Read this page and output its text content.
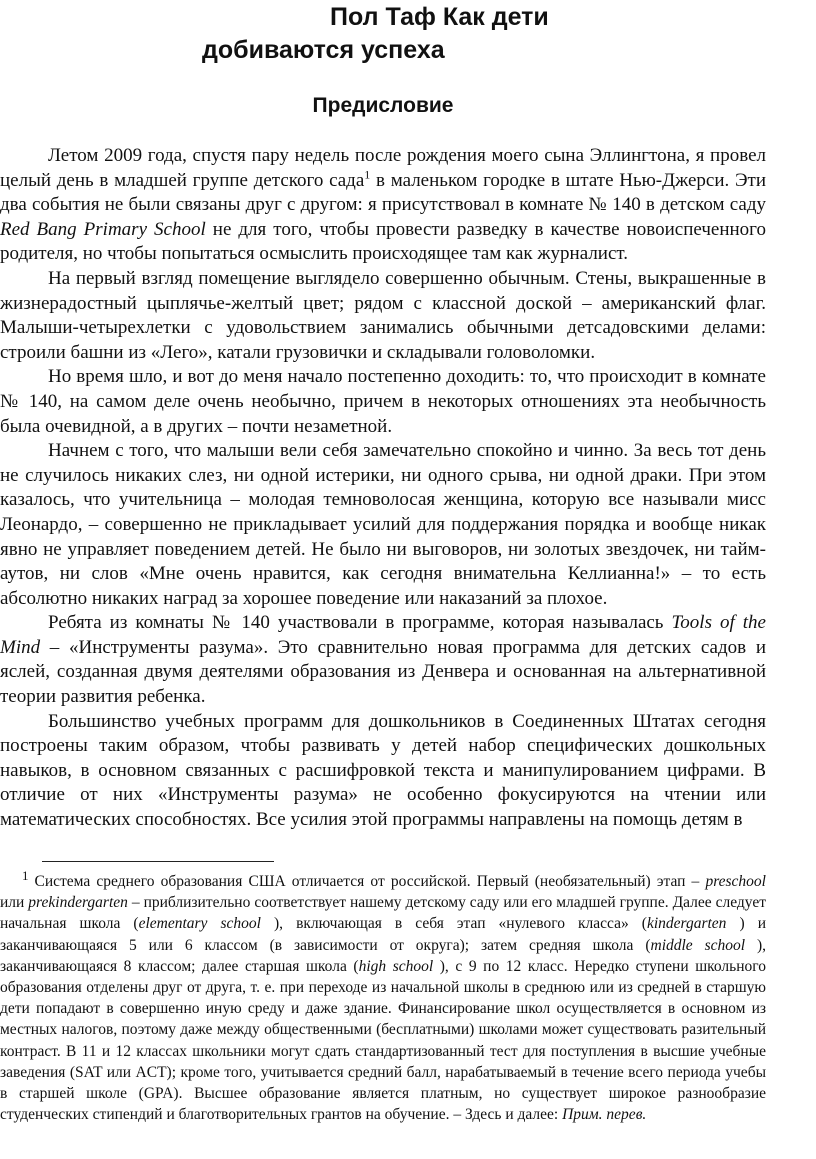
Пол Таф Как дети
добиваются успеха
Предисловие

Летом 2009 года, спустя пару недель после рождения моего сына Эллингтона, я провел целый день в младшей группе детского сада$^1$ в маленьком городке в штате Нью-Джерси. Эти два события не были связаны друг с другом: я присутствовал в комнате № 140 в детском саду Red Bang Primary School не для того, чтобы провести разведку в качестве новоиспеченного родителя, но чтобы попытаться осмыслить происходящее там как журналист.

На первый взгляд помещение выглядело совершенно обычным. Стены, выкрашенные в жизнерадостный цыплячье-желтый цвет; рядом с классной доской – американский флаг. Малыши-четырехлетки с удовольствием занимались обычными детсадовскими делами: строили башни из «Лего», катали грузовички и складывали головоломки.

Но время шло, и вот до меня начало постепенно доходить: то, что происходит в комнате № 140, на самом деле очень необычно, причем в некоторых отношениях эта необычность была очевидной, а в других – почти незаметной.

Начнем с того, что малыши вели себя замечательно спокойно и чинно. За весь тот день не случилось никаких слез, ни одной истерики, ни одного срыва, ни одной драки. При этом казалось, что учительница – молодая темноволосая женщина, которую все называли мисс Леонардо, – совершенно не прикладывает усилий для поддержания порядка и вообще никак явно не управляет поведением детей. Не было ни выговоров, ни золотых звездочек, ни тайм-аутов, ни слов «Мне очень нравится, как сегодня внимательна Келлианна!» – то есть абсолютно никаких наград за хорошее поведение или наказаний за плохое.

Ребята из комнаты № 140 участвовали в программе, которая называлась Tools of the Mind – «Инструменты разума». Это сравнительно новая программа для детских садов и яслей, созданная двумя деятелями образования из Денвера и основанная на альтернативной теории развития ребенка.

Большинство учебных программ для дошкольников в Соединенных Штатах сегодня построены таким образом, чтобы развивать у детей набор специфических дошкольных навыков, в основном связанных с расшифровкой текста и манипулированием цифрами. В отличие от них «Инструменты разума» не особенно фокусируются на чтении или математических способностях. Все усилия этой программы направлены на помощь детям в

$^1$ Система среднего образования США отличается от российской. Первый (необязательный) этап – preschool или prekindergarten – приблизительно соответствует нашему детскому саду или его младшей группе. Далее следует начальная школа (elementary school ), включающая в себя этап «нулевого класса» (kindergarten ) и заканчивающаяся 5 или 6 классом (в зависимости от округа); затем средняя школа (middle school ), заканчивающаяся 8 классом; далее старшая школа (high school ), с 9 по 12 класс. Нередко ступени школьного образования отделены друг от друга, т. е. при переходе из начальной школы в среднюю или из средней в старшую дети попадают в совершенно иную среду и даже здание. Финансирование школ осуществляется в основном из местных налогов, поэтому даже между общественными (бесплатными) школами может существовать разительный контраст. В 11 и 12 классах школьники могут сдать стандартизованный тест для поступления в высшие учебные заведения (SAT или ACT); кроме того, учитывается средний балл, нарабатываемый в течение всего периода учебы в старшей школе (GPA). Высшее образование является платным, но существует широкое разнообразие студенческих стипендий и благотворительных грантов на обучение. – Здесь и далее: Прим. перев.
